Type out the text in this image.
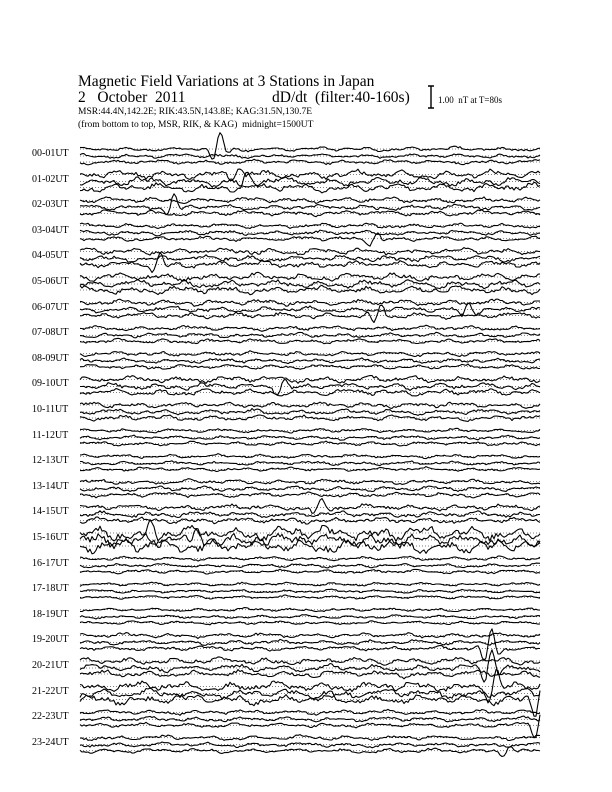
Magnetic Field Variations at 3 Stations in Japan
2   October  2011	dD/dt  (filter:40-160s)
MSR:44.4N,142.2E; RIK:43.5N,143.8E; KAG:31.5N,130.7E
(from bottom to top, MSR, RIK, & KAG)  midnight=1500UT
1.00  nT at T=80s
00-01UT
01-02UT
02-03UT
03-04UT
04-05UT
05-06UT
06-07UT
07-08UT
08-09UT
09-10UT
10-11UT
11-12UT
12-13UT
13-14UT
14-15UT
15-16UT
16-17UT
17-18UT
18-19UT
19-20UT
20-21UT
21-22UT
22-23UT
23-24UT
